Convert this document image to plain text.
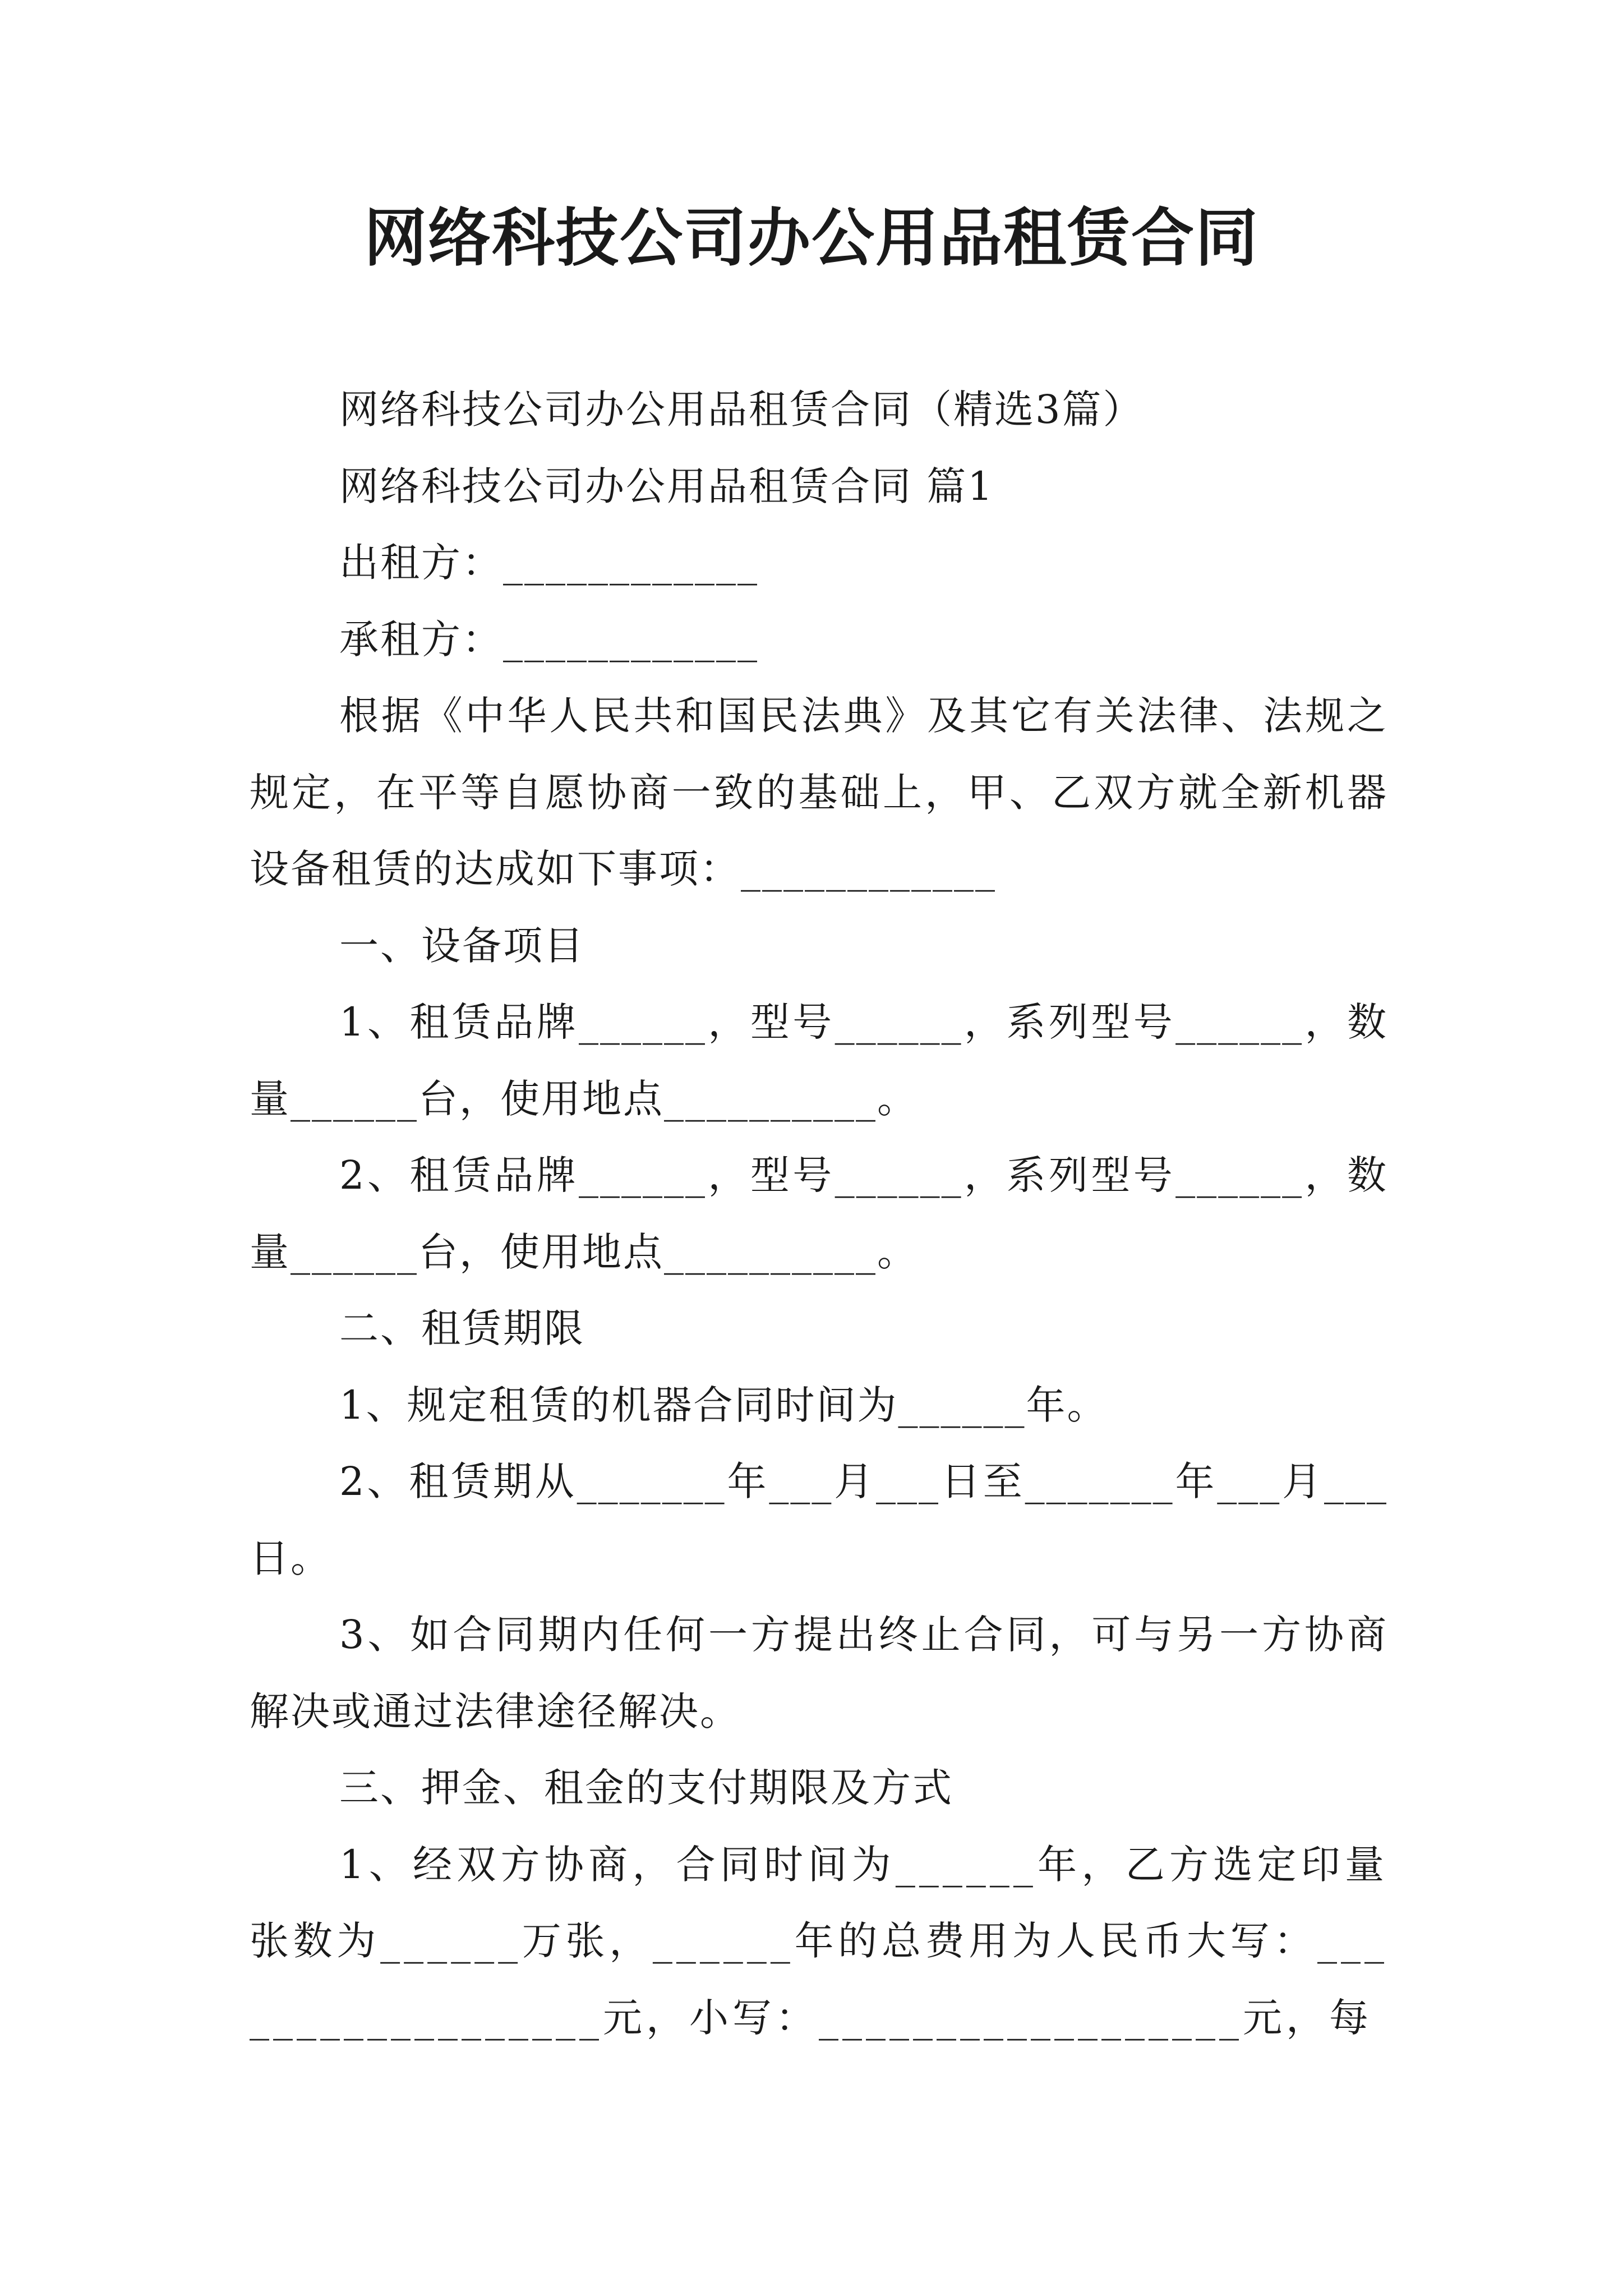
网络科技公司办公用品租赁合同

网络科技公司办公用品租赁合同（精选3篇）

网络科技公司办公用品租赁合同 篇1

出租方：____________

承租方：____________

根据《中华人民共和国民法典》及其它有关法律、法规之规定，在平等自愿协商一致的基础上，甲、乙双方就全新机器设备租赁的达成如下事项：____________

一、设备项目

1、租赁品牌______，型号______，系列型号______，数量______台，使用地点__________。

2、租赁品牌______，型号______，系列型号______，数量______台，使用地点__________。

二、租赁期限

1、规定租赁的机器合同时间为______年。

2、租赁期从_______年___月___日至_______年___月___日。

3、如合同期内任何一方提出终止合同，可与另一方协商解决或通过法律途径解决。

三、押金、租金的支付期限及方式

1、经双方协商，合同时间为______年，乙方选定印量张数为______万张，______年的总费用为人民币大写：__________________元，小写：__________________元，每
